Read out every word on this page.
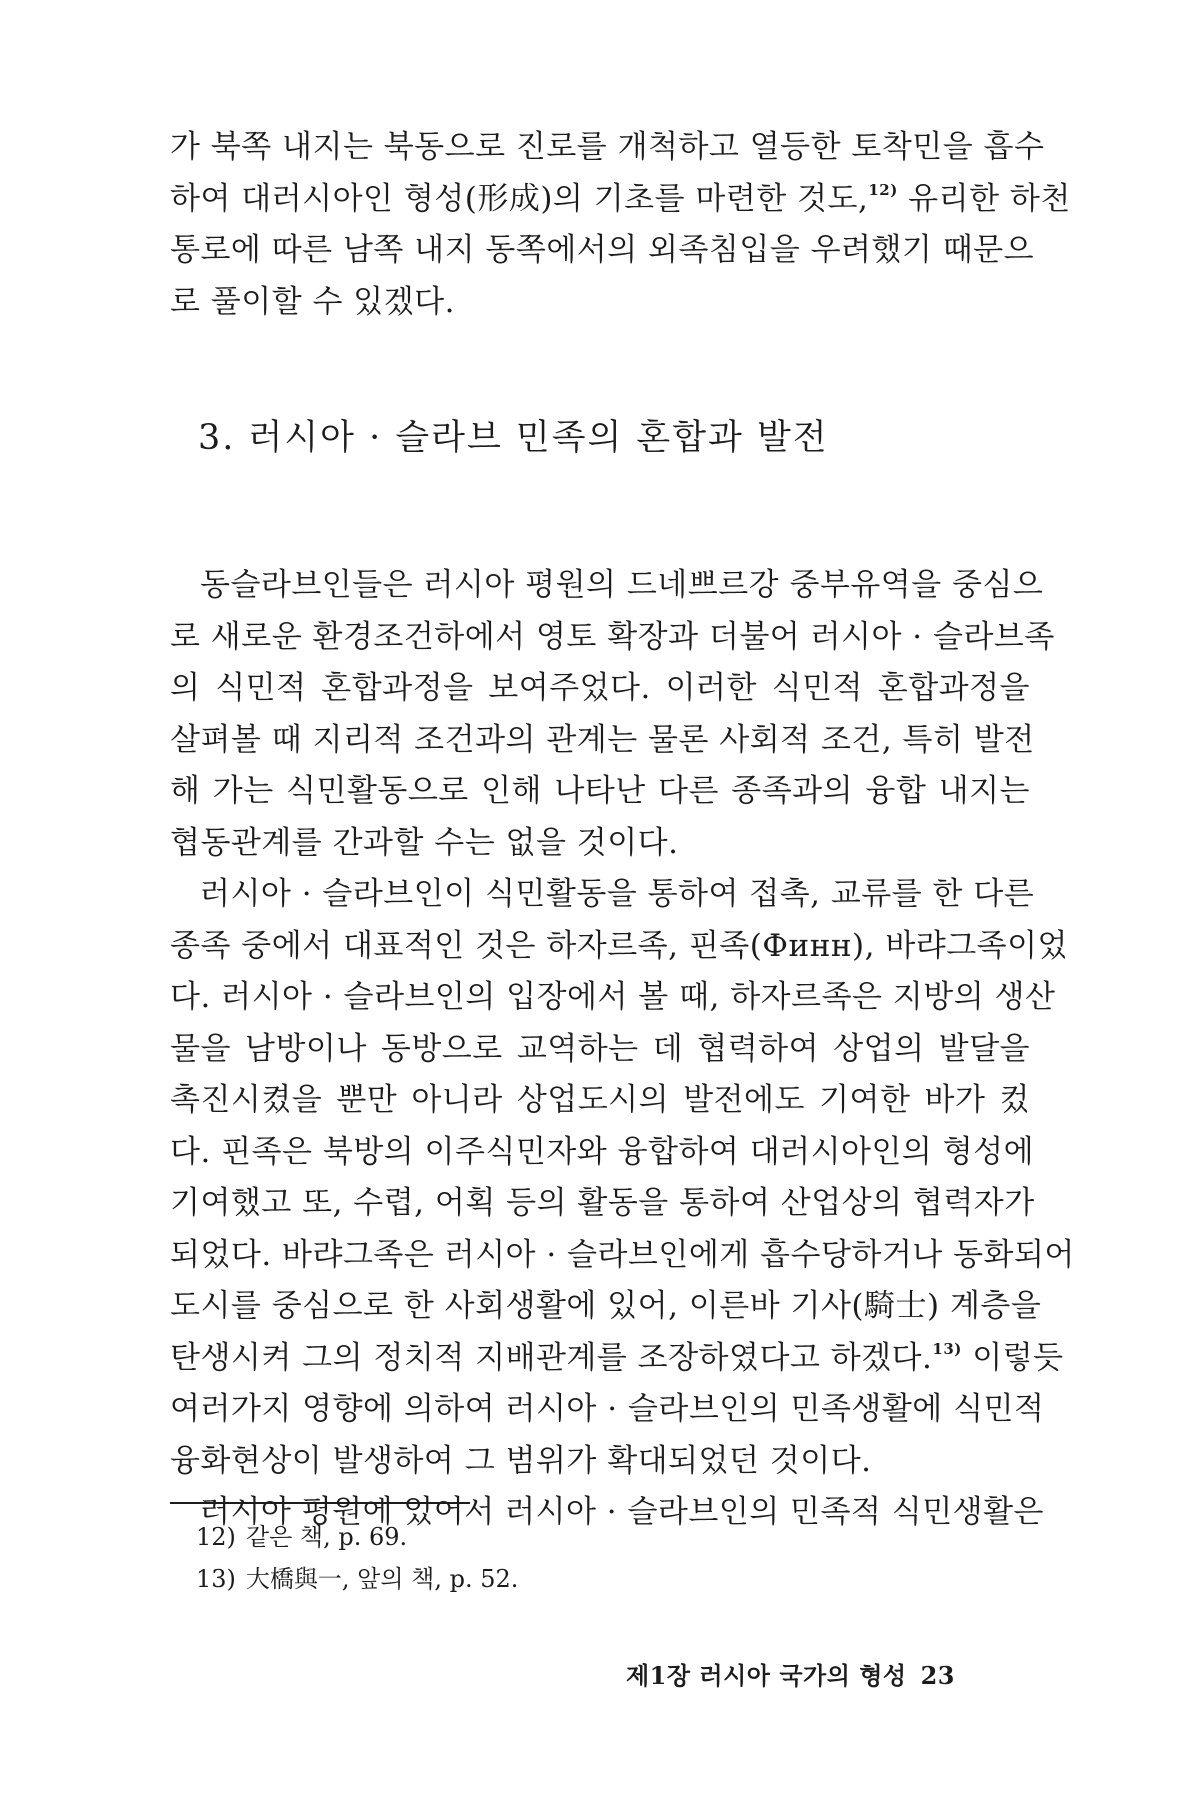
가 북쪽 내지는 북동으로 진로를 개척하고 열등한 토착민을 흡수
하여 대러시아인 형성(形成)의 기초를 마련한 것도,$^{12)}$ 유리한 하천
통로에 따른 남쪽 내지 동쪽에서의 외족침입을 우려했기 때문으
로 풀이할 수 있겠다.
3. 러시아 · 슬라브 민족의 혼합과 발전
동슬라브인들은 러시아 평원의 드네쁘르강 중부유역을 중심으
로 새로운 환경조건하에서 영토 확장과 더불어 러시아 · 슬라브족
의 식민적 혼합과정을 보여주었다. 이러한 식민적 혼합과정을
살펴볼 때 지리적 조건과의 관계는 물론 사회적 조건, 특히 발전
해 가는 식민활동으로 인해 나타난 다른 종족과의 융합 내지는
협동관계를 간과할 수는 없을 것이다.
러시아 · 슬라브인이 식민활동을 통하여 접촉, 교류를 한 다른
종족 중에서 대표적인 것은 하자르족, 핀족(Финн), 바랴그족이었
다. 러시아 · 슬라브인의 입장에서 볼 때, 하자르족은 지방의 생산
물을 남방이나 동방으로 교역하는 데 협력하여 상업의 발달을
촉진시켰을 뿐만 아니라 상업도시의 발전에도 기여한 바가 컸
다. 핀족은 북방의 이주식민자와 융합하여 대러시아인의 형성에
기여했고 또, 수렵, 어획 등의 활동을 통하여 산업상의 협력자가
되었다. 바랴그족은 러시아 · 슬라브인에게 흡수당하거나 동화되어
도시를 중심으로 한 사회생활에 있어, 이른바 기사(騎士) 계층을
탄생시켜 그의 정치적 지배관계를 조장하였다고 하겠다.$^{13)}$ 이렇듯
여러가지 영향에 의하여 러시아 · 슬라브인의 민족생활에 식민적
융화현상이 발생하여 그 범위가 확대되었던 것이다.
러시아 평원에 있어서 러시아 · 슬라브인의 민족적 식민생활은
12) 같은 책, p. 69.
13) 大橋與一, 앞의 책, p. 52.
제1장 러시아 국가의 형성 23
